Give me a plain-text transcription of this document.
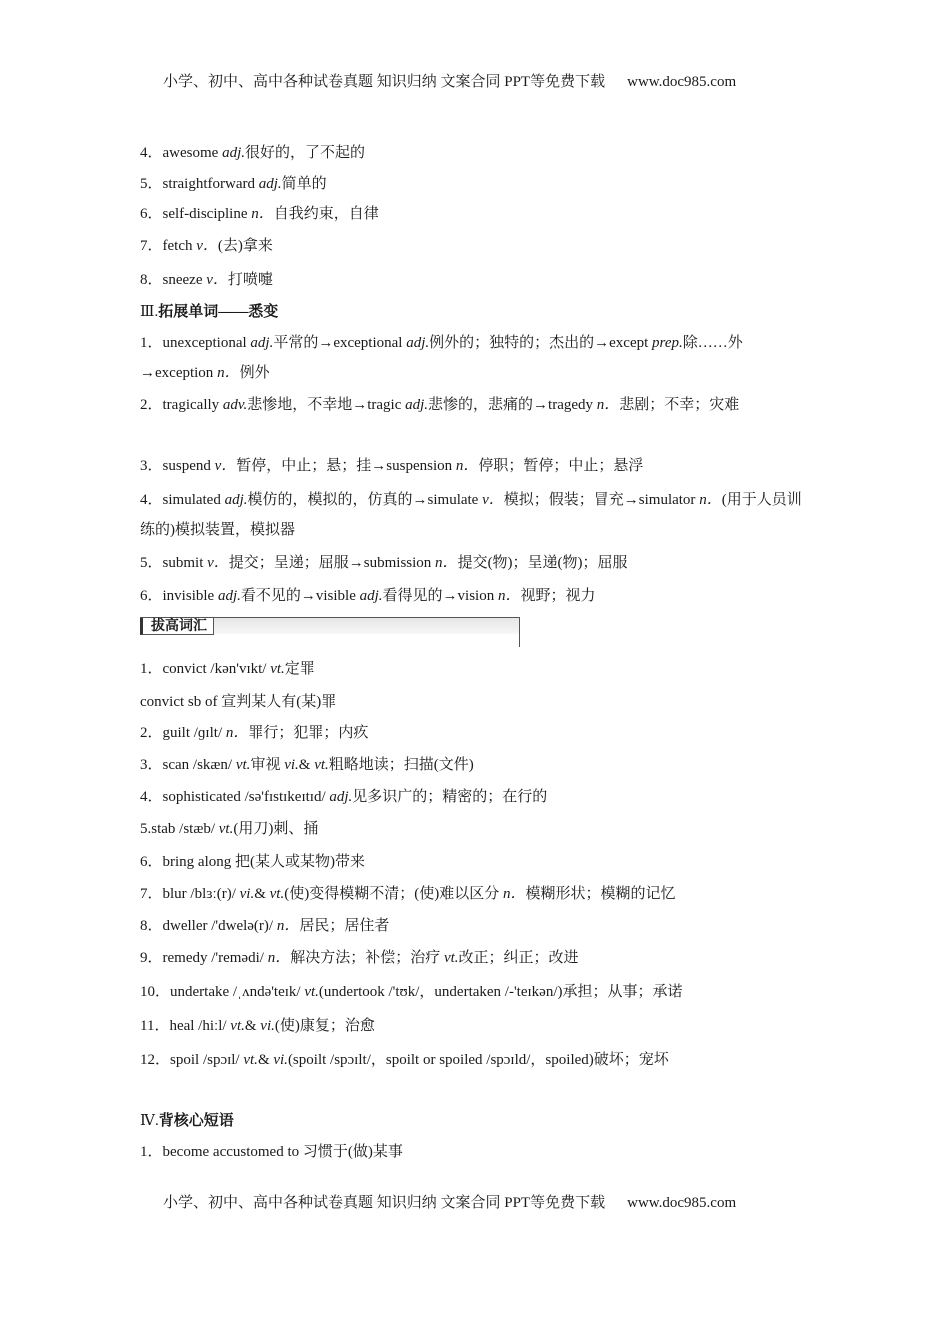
小学、初中、高中各种试卷真题 知识归纳 文案合同 PPT等免费下载 www.doc985.com
4．awesome adj.很好的，了不起的
5．straightforward adj.简单的
6．self-discipline n．自我约束，自律
7．fetch v．(去)拿来
8．sneeze v．打喷嚏
Ⅲ.拓展单词——悉变
1．unexceptional adj.平常的→exceptional adj.例外的；独特的；杰出的→except prep.除……外→exception n．例外
2．tragically adv.悲惨地，不幸地→tragic adj.悲惨的，悲痛的→tragedy n．悲剧；不幸；灾难
3．suspend v．暂停，中止；悬；挂→suspension n．停职；暂停；中止；悬浮
4．simulated adj.模仿的，模拟的，仿真的→simulate v．模拟；假装；冒充→simulator n．(用于人员训练的)模拟装置，模拟器
5．submit v．提交；呈递；屈服→submission n．提交(物)；呈递(物)；屈服
6．invisible adj.看不见的→visible adj.看得见的→vision n．视野；视力
拔高词汇
1．convict /kən'vɪkt/ vt.定罪
convict sb of 宣判某人有(某)罪
2．guilt /ɡɪlt/ n．罪行；犯罪；内疚
3．scan /skæn/ vt.审视 vi.& vt.粗略地读；扫描(文件)
4．sophisticated /sə'fɪstɪkeɪtɪd/ adj.见多识广的；精密的；在行的
5.stab /stæb/ vt.(用刀)刺、捅
6．bring along 把(某人或某物)带来
7．blur /blɜː(r)/ vi.& vt.(使)变得模糊不清；(使)难以区分 n．模糊形状；模糊的记忆
8．dweller /'dwelə(r)/ n．居民；居住者
9．remedy /'remədi/ n．解决方法；补偿；治疗 vt.改正；纠正；改进
10．undertake /ˌʌndə'teɪk/ vt.(undertook /'tʊk/，undertaken /-'teɪkən/)承担；从事；承诺
11．heal /hiːl/ vt.& vi.(使)康复；治愈
12．spoil /spɔɪl/ vt.& vi.(spoilt /spɔɪlt/，spoilt or spoiled /spɔɪld/，spoiled)破坏；宠坏
Ⅳ.背核心短语
1．become accustomed to 习惯于(做)某事
小学、初中、高中各种试卷真题 知识归纳 文案合同 PPT等免费下载 www.doc985.com
